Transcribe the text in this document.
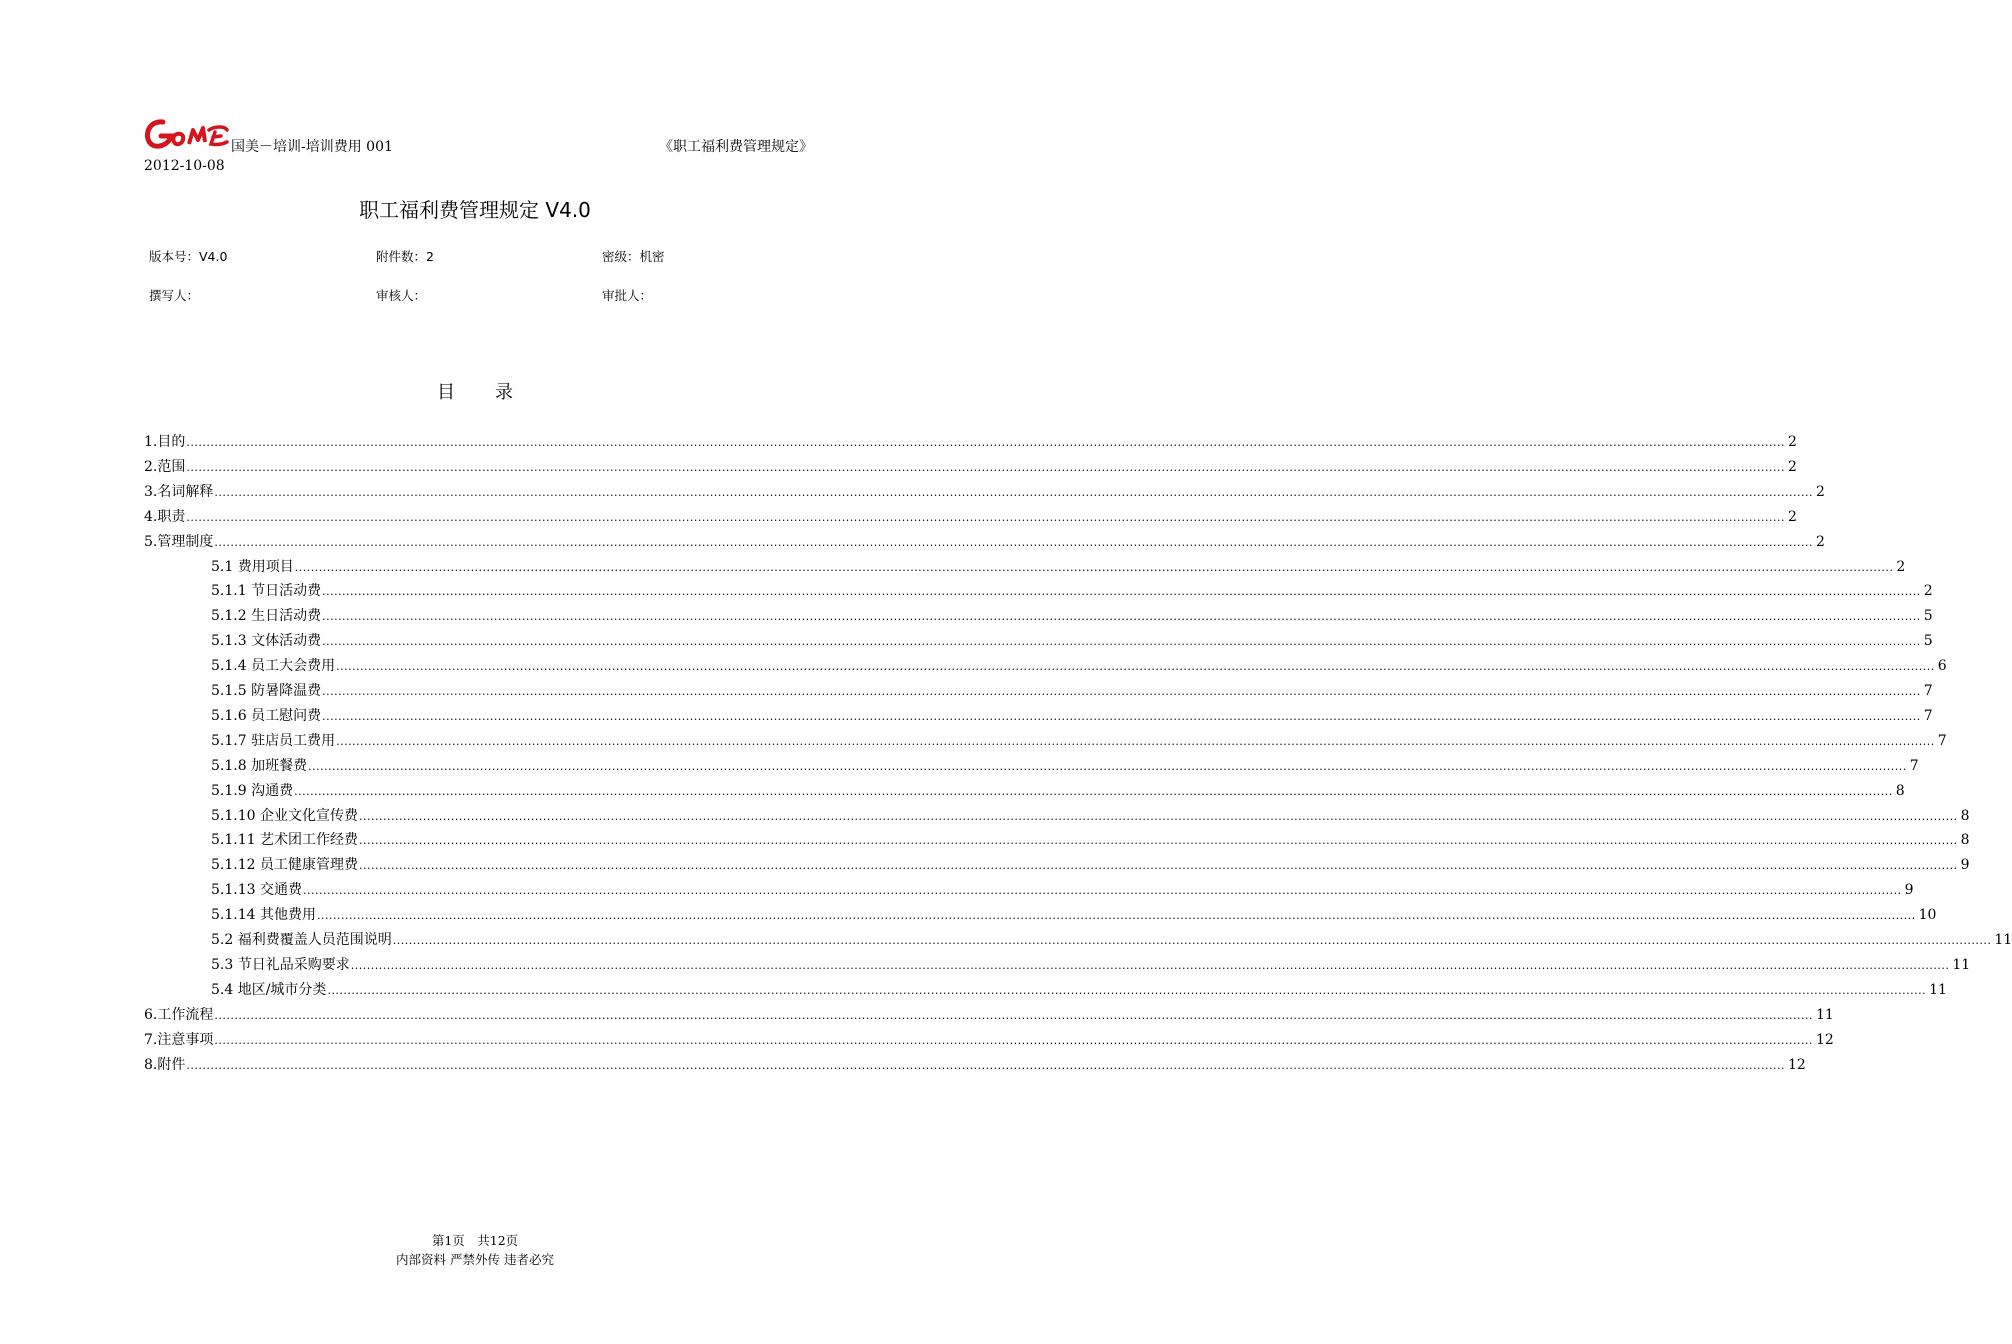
国美－培训-培训费用 001	《职工福利费管理规定》
2012-10-08
职工福利费管理规定 V4.0
版本号：V4.0	附件数：2	密级：机密
撰写人：	审核人：	审批人：
目录
1.目的 ................................................................................................................................................................................................................................................................................................................................................................................................................ 2
2.范围 ................................................................................................................................................................................................................................................................................................................................................................................................................ 2
3.名词解释 ................................................................................................................................................................................................................................................................................................................................................................................................................ 2
4.职责 ................................................................................................................................................................................................................................................................................................................................................................................................................ 2
5.管理制度 ................................................................................................................................................................................................................................................................................................................................................................................................................ 2
5.1 费用项目 ................................................................................................................................................................................................................................................................................................................................................................................................................ 2
5.1.1 节日活动费 ................................................................................................................................................................................................................................................................................................................................................................................................................ 2
5.1.2 生日活动费 ................................................................................................................................................................................................................................................................................................................................................................................................................ 5
5.1.3 文体活动费 ................................................................................................................................................................................................................................................................................................................................................................................................................ 5
5.1.4 员工大会费用 ................................................................................................................................................................................................................................................................................................................................................................................................................ 6
5.1.5 防暑降温费 ................................................................................................................................................................................................................................................................................................................................................................................................................ 7
5.1.6 员工慰问费 ................................................................................................................................................................................................................................................................................................................................................................................................................ 7
5.1.7 驻店员工费用 ................................................................................................................................................................................................................................................................................................................................................................................................................ 7
5.1.8 加班餐费 ................................................................................................................................................................................................................................................................................................................................................................................................................ 7
5.1.9 沟通费 ................................................................................................................................................................................................................................................................................................................................................................................................................ 8
5.1.10 企业文化宣传费 ................................................................................................................................................................................................................................................................................................................................................................................................................ 8
5.1.11 艺术团工作经费 ................................................................................................................................................................................................................................................................................................................................................................................................................ 8
5.1.12 员工健康管理费 ................................................................................................................................................................................................................................................................................................................................................................................................................ 9
5.1.13 交通费 ................................................................................................................................................................................................................................................................................................................................................................................................................ 9
5.1.14 其他费用 ................................................................................................................................................................................................................................................................................................................................................................................................................ 10
5.2 福利费覆盖人员范围说明 ................................................................................................................................................................................................................................................................................................................................................................................................................ 11
5.3 节日礼品采购要求 ................................................................................................................................................................................................................................................................................................................................................................................................................ 11
5.4 地区/城市分类 ................................................................................................................................................................................................................................................................................................................................................................................................................ 11
6.工作流程 ................................................................................................................................................................................................................................................................................................................................................................................................................ 11
7.注意事项 ................................................................................................................................................................................................................................................................................................................................................................................................................ 12
8.附件 ................................................................................................................................................................................................................................................................................................................................................................................................................ 12
第1页　共12页
内部资料 严禁外传 违者必究
